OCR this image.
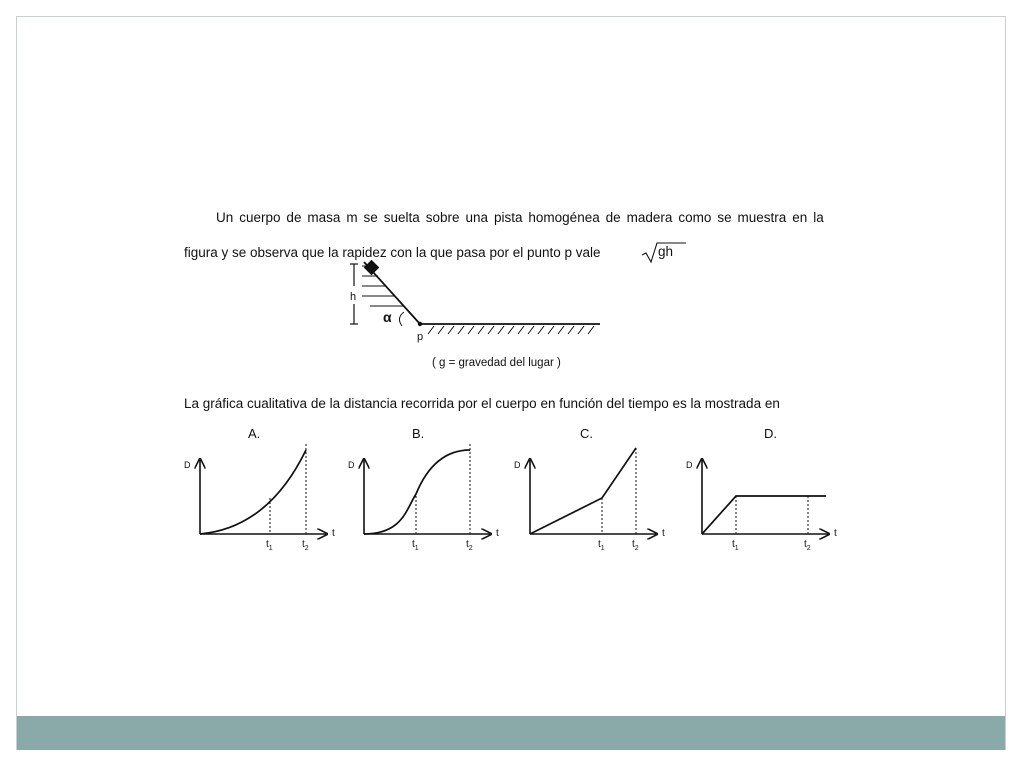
Un cuerpo de masa m se suelta sobre una pista homogénea de madera como se muestra en la
figura y se observa que la rapidez con la que pasa por el punto p vale	gh
h
α
p
( g = gravedad del lugar )
La gráfica cualitativa de la distancia recorrida por el cuerpo en función del tiempo es la mostrada en
A.
D
t
$t_1$	$t_2$
B.
D
t
$t_1$	$t_2$
C.
D
t
$t_1$	$t_2$
D.
D
t
$t_1$	$t_2$
